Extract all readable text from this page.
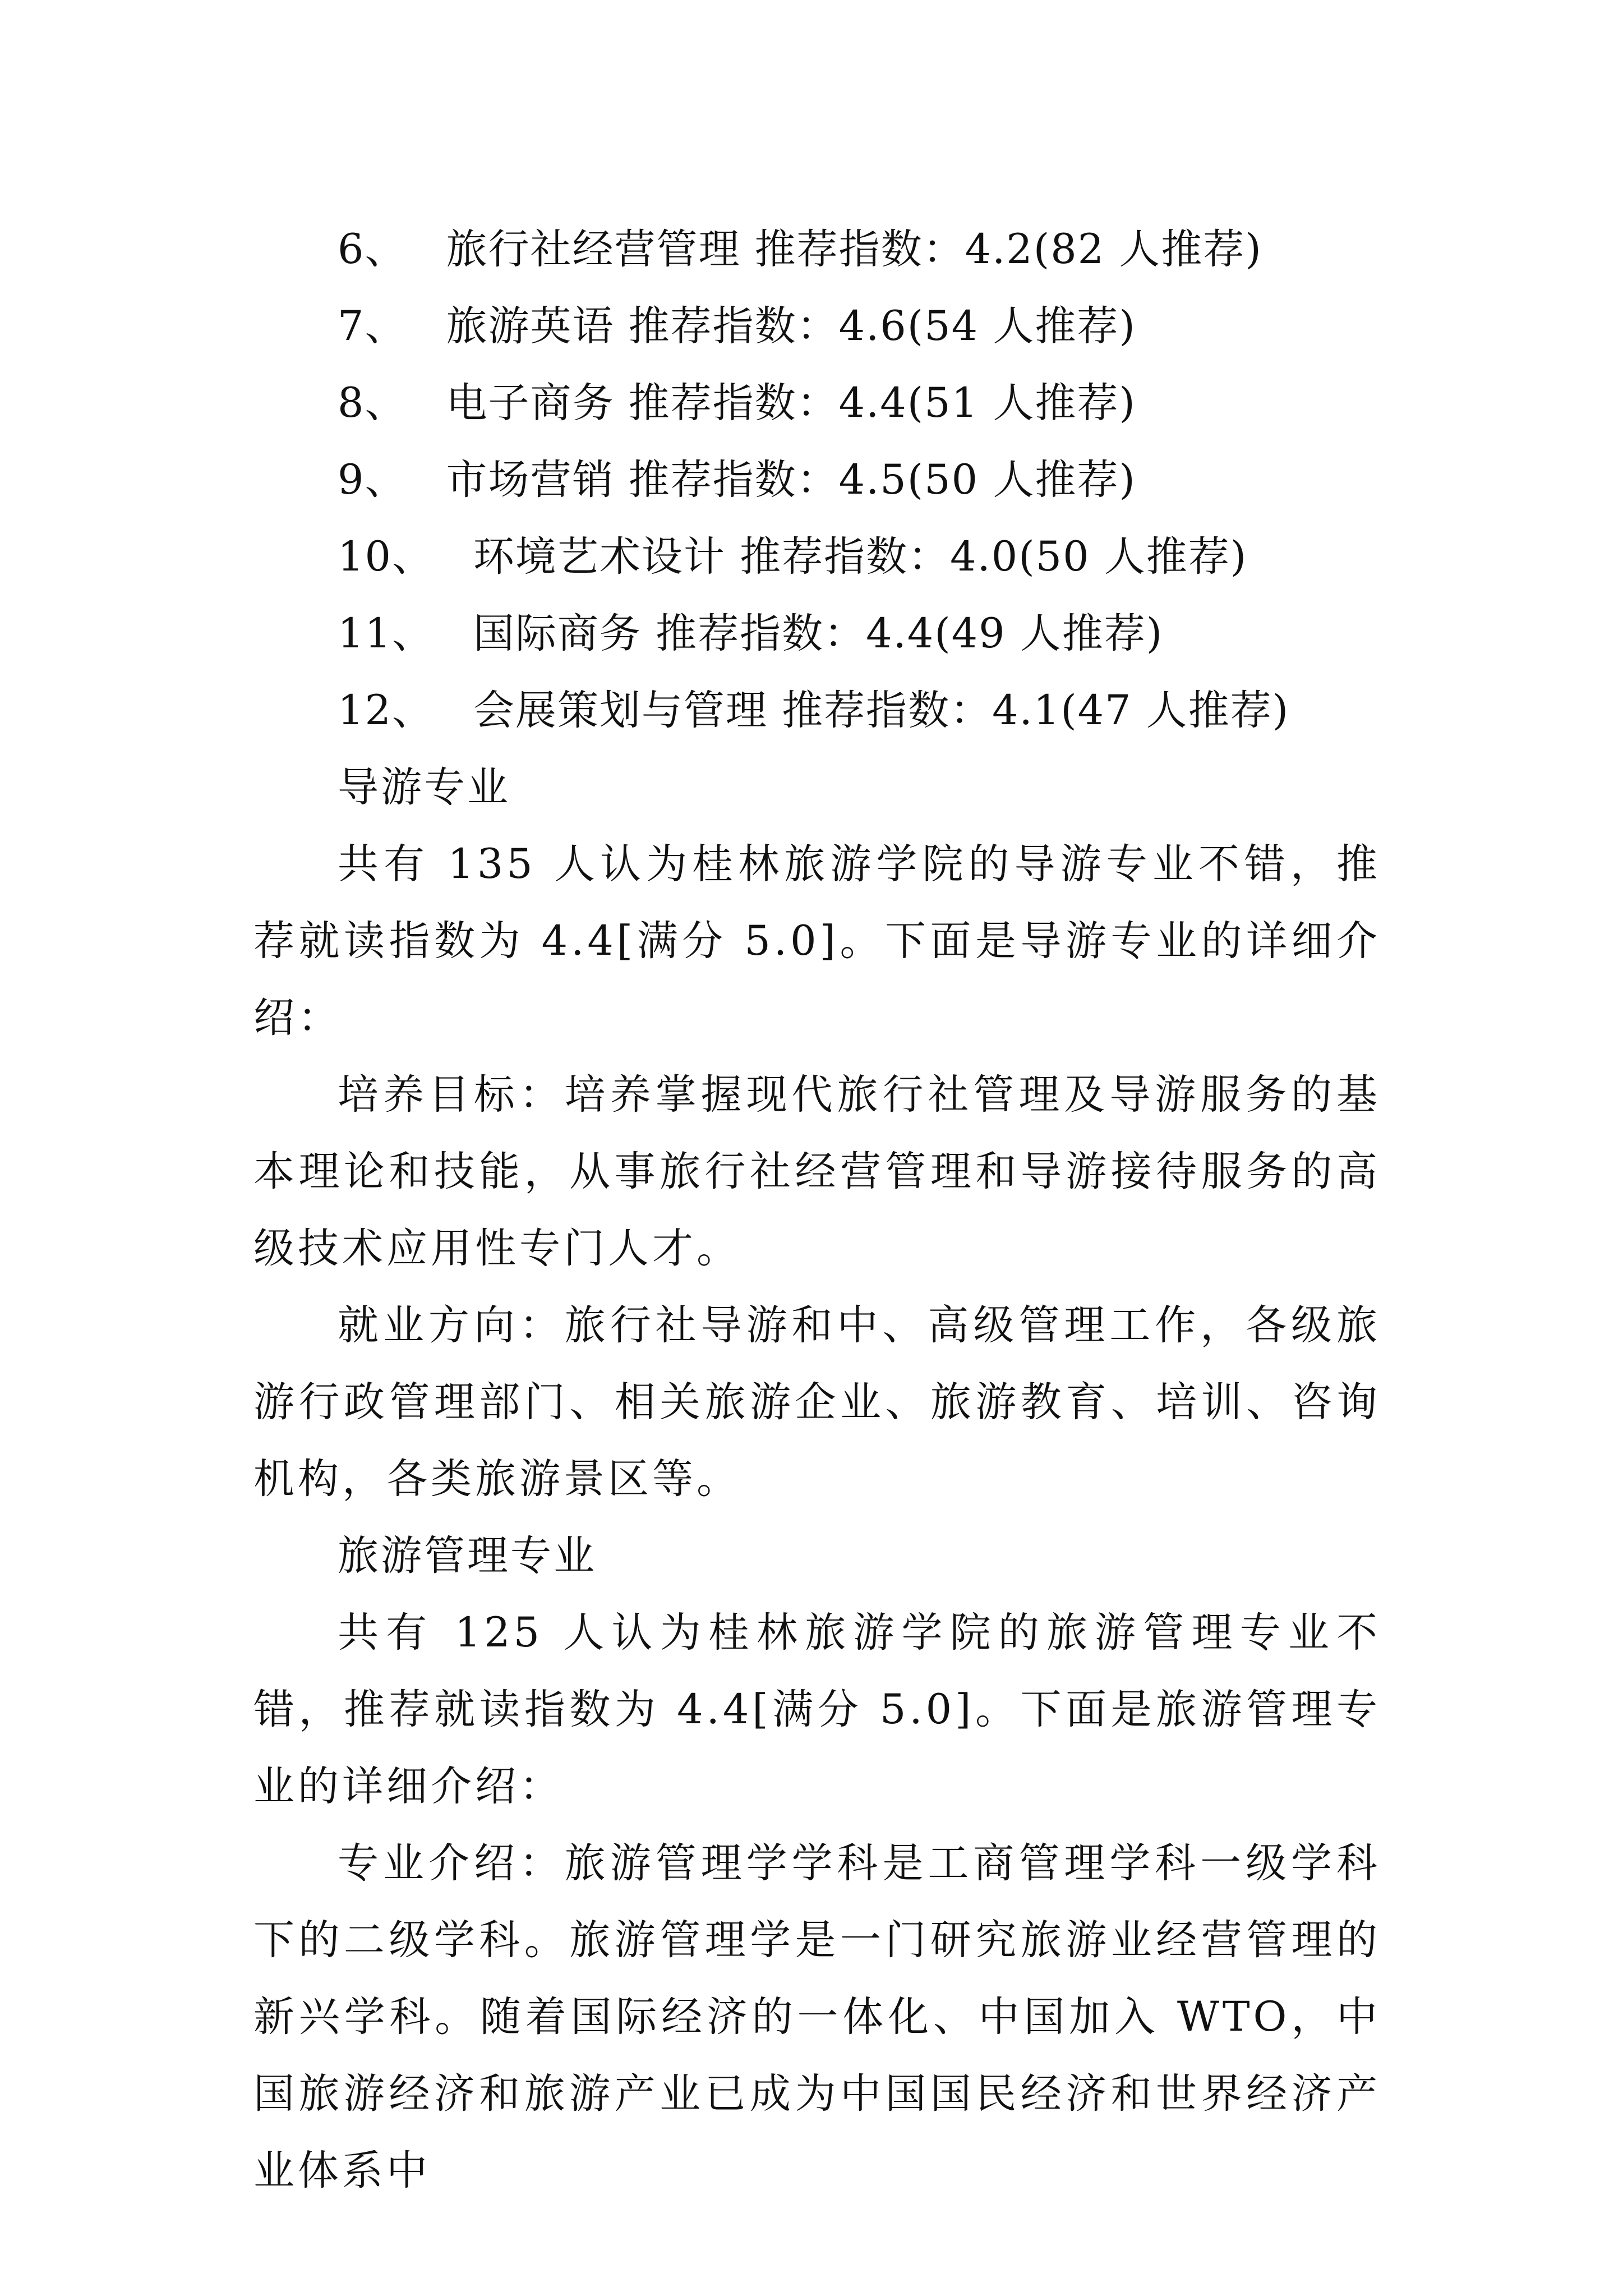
6、 旅行社经营管理 推荐指数：4.2(82 人推荐)
7、 旅游英语 推荐指数：4.6(54 人推荐)
8、 电子商务 推荐指数：4.4(51 人推荐)
9、 市场营销 推荐指数：4.5(50 人推荐)
10、 环境艺术设计 推荐指数：4.0(50 人推荐)
11、 国际商务 推荐指数：4.4(49 人推荐)
12、 会展策划与管理 推荐指数：4.1(47 人推荐)
导游专业

共有 135 人认为桂林旅游学院的导游专业不错，推荐就读指数为 4.4[满分 5.0]。下面是导游专业的详细介绍：

培养目标：培养掌握现代旅行社管理及导游服务的基本理论和技能，从事旅行社经营管理和导游接待服务的高级技术应用性专门人才。

就业方向：旅行社导游和中、高级管理工作，各级旅游行政管理部门、相关旅游企业、旅游教育、培训、咨询机构，各类旅游景区等。

旅游管理专业

共有 125 人认为桂林旅游学院的旅游管理专业不错，推荐就读指数为 4.4[满分 5.0]。下面是旅游管理专业的详细介绍：

专业介绍：旅游管理学学科是工商管理学科一级学科下的二级学科。旅游管理学是一门研究旅游业经营管理的新兴学科。随着国际经济的一体化、中国加入 WTO，中国旅游经济和旅游产业已成为中国国民经济和世界经济产业体系中
